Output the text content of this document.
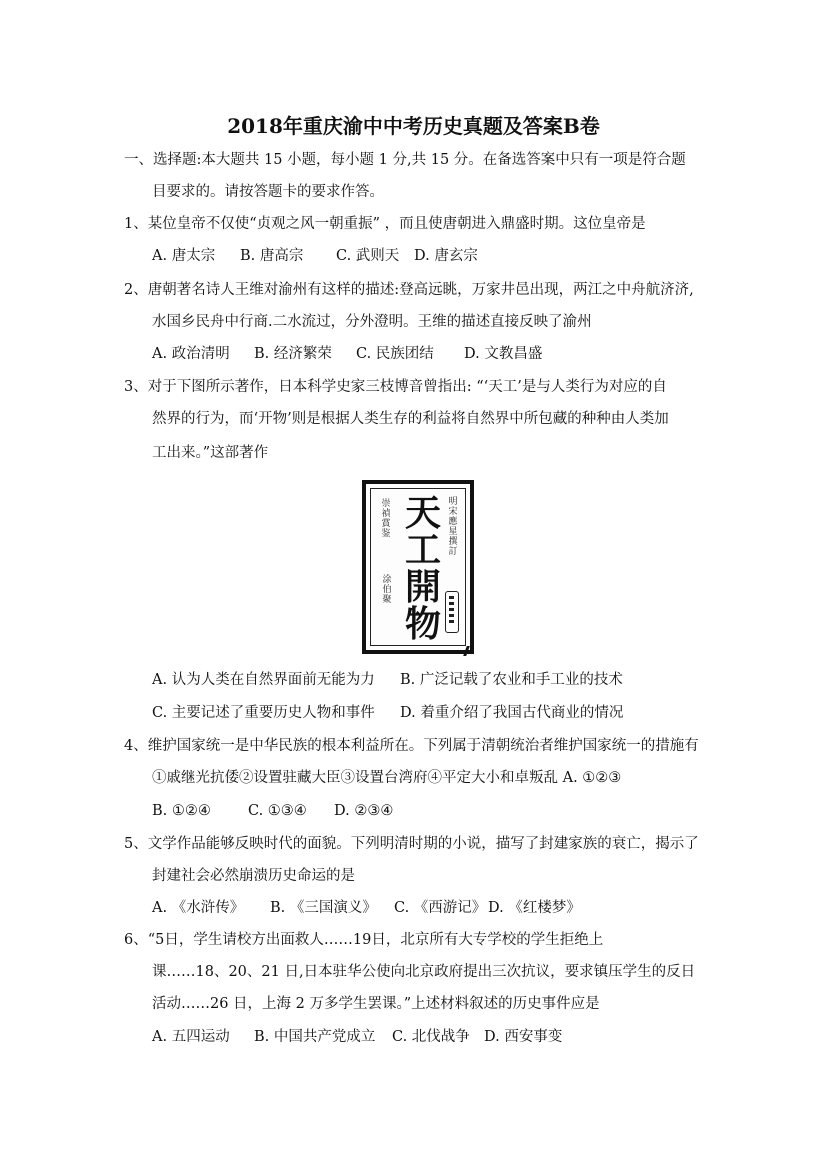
2018年重庆渝中中考历史真题及答案B卷
一、选择题:本大题共 15 小题，每小题 1 分,共 15 分。在备选答案中只有一项是符合题
目要求的。请按答题卡的要求作答。
1、某位皇帝不仅使“贞观之风一朝重振” ，而且使唐朝进入鼎盛时期。这位皇帝是
A. 唐太宗 B. 唐高宗 C. 武则天 D. 唐玄宗
2、唐朝著名诗人王维对渝州有这样的描述:登高远眺，万家井邑出现，两江之中舟航济济,
水国乡民舟中行商.二水流过，分外澄明。王维的描述直接反映了渝州
A. 政治清明 B. 经济繁荣 C. 民族团结 D. 文教昌盛
3、对于下图所示著作，日本科学史家三枝博音曾指出: “‘天工’是与人类行为对应的自
然界的行为，而‘开物’则是根据人类生存的利益将自然界中所包藏的种种由人类加
工出来。”这部著作
崇禎賞鉴 天
工
開
物
明宋應星撰訂
涂伯聚
A. 认为人类在自然界面前无能为力 B. 广泛记载了农业和手工业的技术
C. 主要记述了重要历史人物和事件 D. 着重介绍了我国古代商业的情况
4、维护国家统一是中华民族的根本利益所在。下列属于清朝统治者维护国家统一的措施有
①戚继光抗倭②设置驻藏大臣③设置台湾府④平定大小和卓叛乱 A. ①②③
B. ①②④	C. ①③④ D. ②③④
5、文学作品能够反映时代的面貌。下列明清时期的小说，描写了封建家族的衰亡，揭示了
封建社会必然崩溃历史命运的是
A. 《水浒传》 B. 《三国演义》 C. 《西游记》 D. 《红楼梦》
6、“5日，学生请校方出面救人……19日，北京所有大专学校的学生拒绝上
课……18、20、21 日,日本驻华公使向北京政府提出三次抗议，要求镇压学生的反日
活动……26 日，上海 2 万多学生罢课。”上述材料叙述的历史事件应是
A. 五四运动 B. 中国共产党成立 C. 北伐战争 D. 西安事变
